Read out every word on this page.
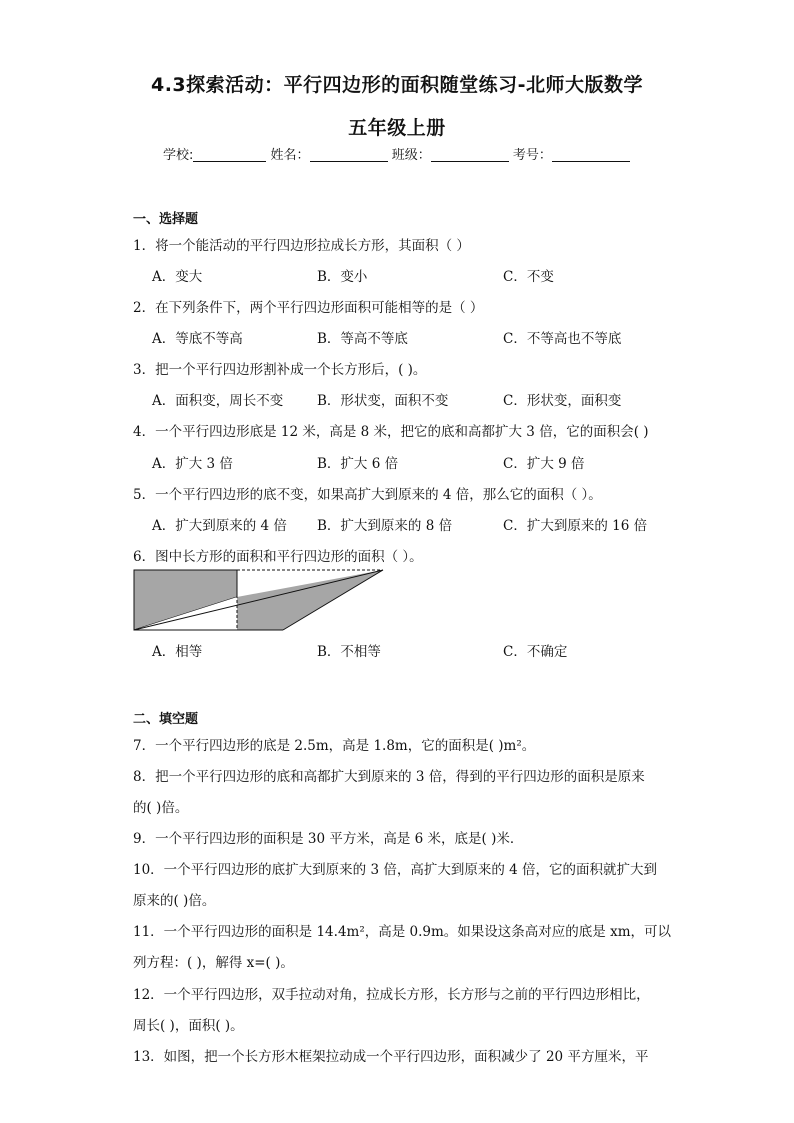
4.3探索活动：平行四边形的面积随堂练习-北师大版数学
五年级上册
学校:	姓名：	班级：	考号：
一、选择题
1．将一个能活动的平行四边形拉成长方形，其面积（ ）
A．变大	B．变小	C．不变
2．在下列条件下，两个平行四边形面积可能相等的是（ ）
A．等底不等高	B．等高不等底	C．不等高也不等底
3．把一个平行四边形割补成一个长方形后，( )。
A．面积变，周长不变	B．形状变，面积不变	C．形状变，面积变
4．一个平行四边形底是 12 米，高是 8 米，把它的底和高都扩大 3 倍，它的面积会( )
A．扩大 3 倍	B．扩大 6 倍	C．扩大 9 倍
5．一个平行四边形的底不变，如果高扩大到原来的 4 倍，那么它的面积（ ）。
A．扩大到原来的 4 倍 B．扩大到原来的 8 倍	C．扩大到原来的 16 倍
6．图中长方形的面积和平行四边形的面积（ ）。
A．相等	B．不相等	C．不确定
二、填空题
7．一个平行四边形的底是 2.5m，高是 1.8m，它的面积是( )m²。
8．把一个平行四边形的底和高都扩大到原来的 3 倍，得到的平行四边形的面积是原来
的( )倍。
9．一个平行四边形的面积是 30 平方米，高是 6 米，底是( )米．
10．一个平行四边形的底扩大到原来的 3 倍，高扩大到原来的 4 倍，它的面积就扩大到
原来的( )倍。
11．一个平行四边形的面积是 14.4m²，高是 0.9m。如果设这条高对应的底是 xm，可以
列方程：( )，解得 x=( )。
12．一个平行四边形，双手拉动对角，拉成长方形，长方形与之前的平行四边形相比，
周长( )，面积( )。
13．如图，把一个长方形木框架拉动成一个平行四边形，面积减少了 20 平方厘米，平
